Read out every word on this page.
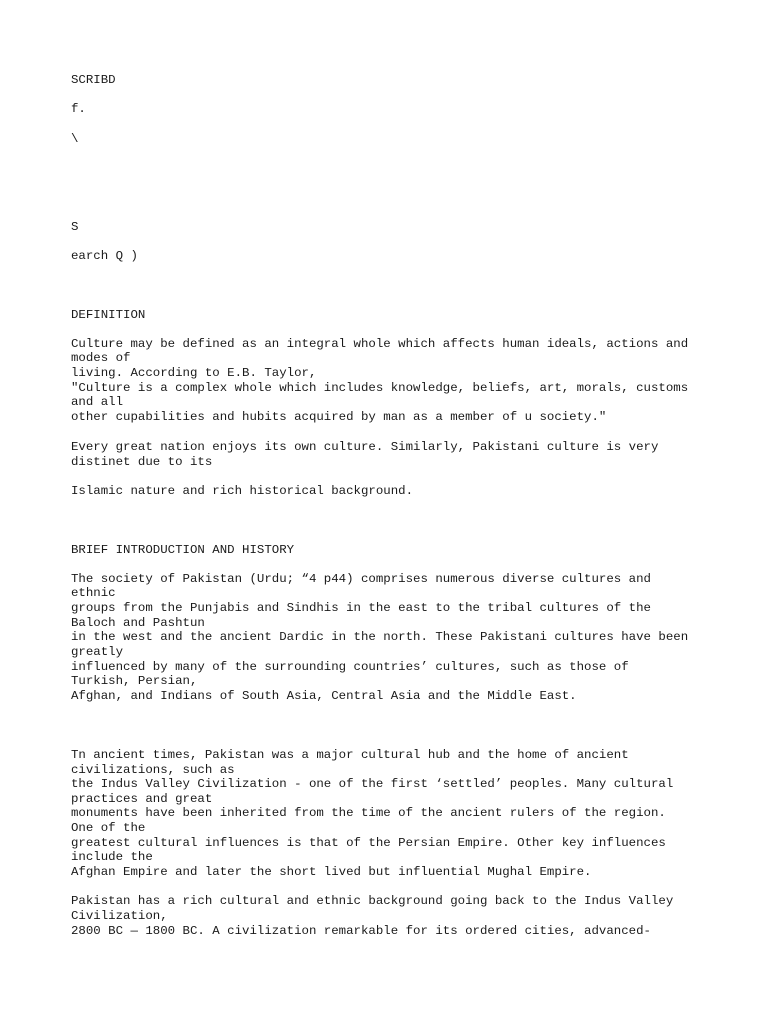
SCRIBD
f.
\
S
earch Q )
DEFINITION
Culture may be defined as an integral whole which affects human ideals, actions and
modes of
living. According to E.B. Taylor,
"Culture is a complex whole which includes knowledge, beliefs, art, morals, customs
and all
other cupabilities and hubits acquired by man as a member of u society."
Every great nation enjoys its own culture. Similarly, Pakistani culture is very
distinet due to its
Islamic nature and rich historical background.
BRIEF INTRODUCTION AND HISTORY
The society of Pakistan (Urdu; “4 p44) comprises numerous diverse cultures and
ethnic
groups from the Punjabis and Sindhis in the east to the tribal cultures of the
Baloch and Pashtun
in the west and the ancient Dardic in the north. These Pakistani cultures have been
greatly
influenced by many of the surrounding countries’ cultures, such as those of
Turkish, Persian,
Afghan, and Indians of South Asia, Central Asia and the Middle East.
Tn ancient times, Pakistan was a major cultural hub and the home of ancient
civilizations, such as
the Indus Valley Civilization - one of the first ‘settled’ peoples. Many cultural
practices and great
monuments have been inherited from the time of the ancient rulers of the region.
One of the
greatest cultural influences is that of the Persian Empire. Other key influences
include the
Afghan Empire and later the short lived but influential Mughal Empire.
Pakistan has a rich cultural and ethnic background going back to the Indus Valley
Civilization,
2800 BC — 1800 BC. A civilization remarkable for its ordered cities, advanced-
